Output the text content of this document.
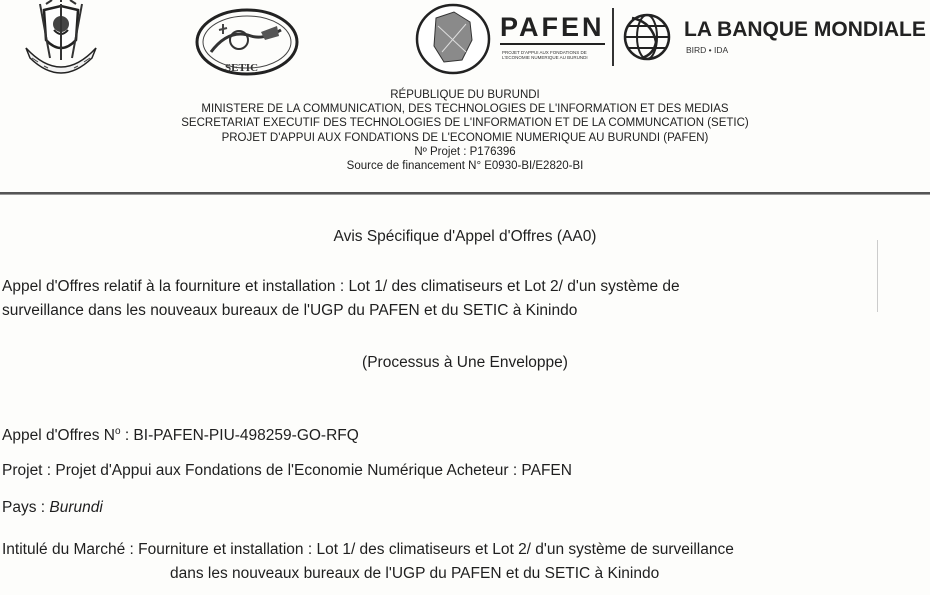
SETIC
PAFEN
PROJET D'APPUI AUX FONDATIONS DE L'ECONOMIE NUMERIQUE AU BURUNDI
LA BANQUE MONDIALE
BIRD • IDA
RÉPUBLIQUE DU BURUNDI
MINISTERE DE LA COMMUNICATION, DES TECHNOLOGIES DE L'INFORMATION ET DES MEDIAS
SECRETARIAT EXECUTIF DES TECHNOLOGIES DE L'INFORMATION ET DE LA COMMUNCATION (SETIC)
PROJET D'APPUI AUX FONDATIONS DE L'ECONOMIE NUMERIQUE AU BURUNDI (PAFEN)
Nº Projet : P176396
Source de financement N° E0930-BI/E2820-BI
Avis Spécifique d'Appel d'Offres (AA0)
Appel d'Offres relatif à la fourniture et installation : Lot 1/ des climatiseurs et Lot 2/ d'un système de
surveillance dans les nouveaux bureaux de l'UGP du PAFEN et du SETIC à Kinindo
(Processus à Une Enveloppe)
Appel d'Offres $N^o$ : BI-PAFEN-PIU-498259-GO-RFQ
Projet : Projet d'Appui aux Fondations de l'Economie Numérique Acheteur : PAFEN
Pays : Burundi
Intitulé du Marché : Fourniture et installation : Lot 1/ des climatiseurs et Lot 2/ d'un système de surveillance
dans les nouveaux bureaux de l'UGP du PAFEN et du SETIC à Kinindo
